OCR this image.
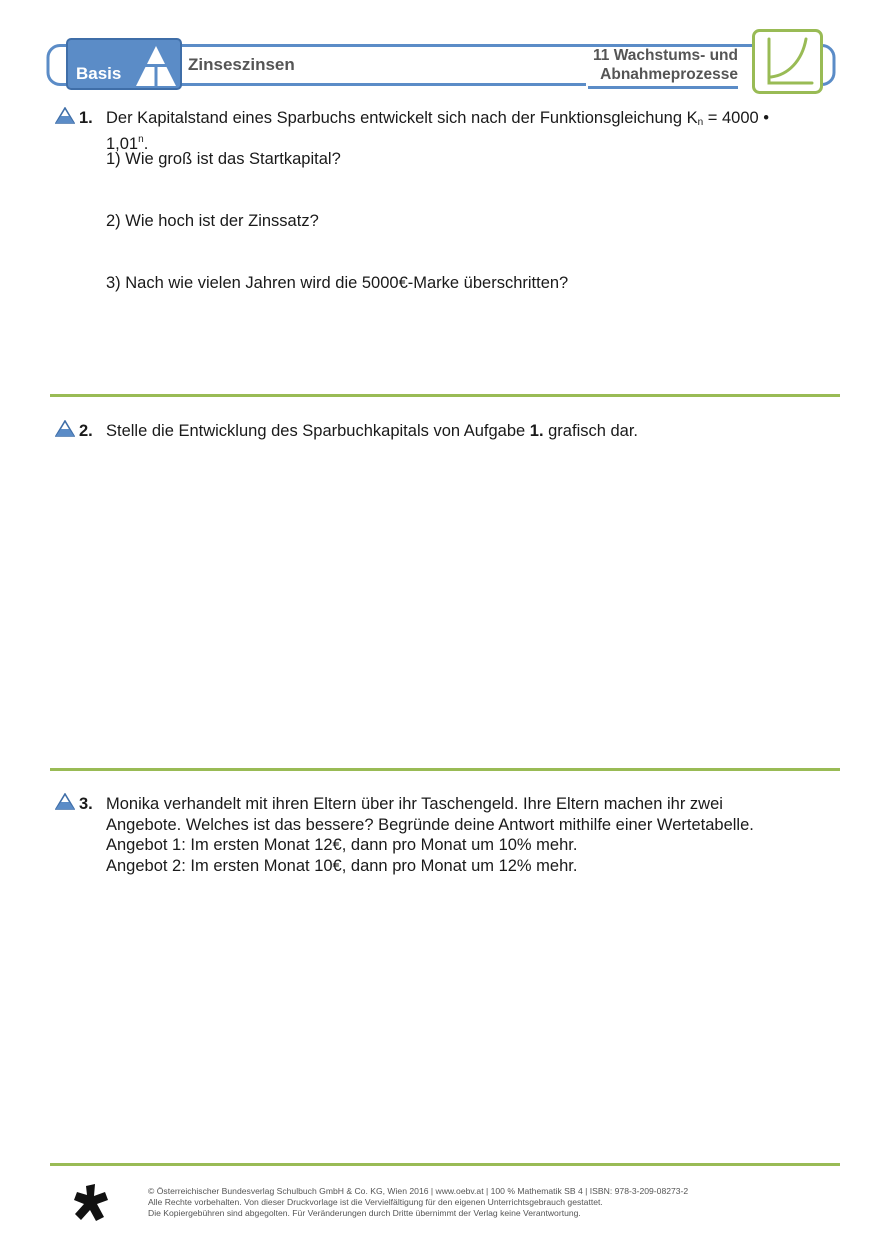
Basis	Zinseszinsen	11 Wachstums- und
Abnahmeprozesse
1. Der Kapitalstand eines Sparbuchs entwickelt sich nach der Funktionsgleichung $K_n = 4000$ •
1,01$^n$.
1) Wie groß ist das Startkapital?
2) Wie hoch ist der Zinssatz?
3) Nach wie vielen Jahren wird die 5000€-Marke überschritten?
2. Stelle die Entwicklung des Sparbuchkapitals von Aufgabe 1. grafisch dar.
3. Monika verhandelt mit ihren Eltern über ihr Taschengeld. Ihre Eltern machen ihr zwei
Angebote. Welches ist das bessere? Begründe deine Antwort mithilfe einer Wertetabelle.
Angebot 1: Im ersten Monat 12€, dann pro Monat um 10% mehr.
Angebot 2: Im ersten Monat 10€, dann pro Monat um 12% mehr.
© Österreichischer Bundesverlag Schulbuch GmbH & Co. KG, Wien 2016 | www.oebv.at | 100 % Mathematik SB 4 | ISBN: 978-3-209-08273-2
Alle Rechte vorbehalten. Von dieser Druckvorlage ist die Vervielfältigung für den eigenen Unterrichtsgebrauch gestattet.
Die Kopiergebühren sind abgegolten. Für Veränderungen durch Dritte übernimmt der Verlag keine Verantwortung.
